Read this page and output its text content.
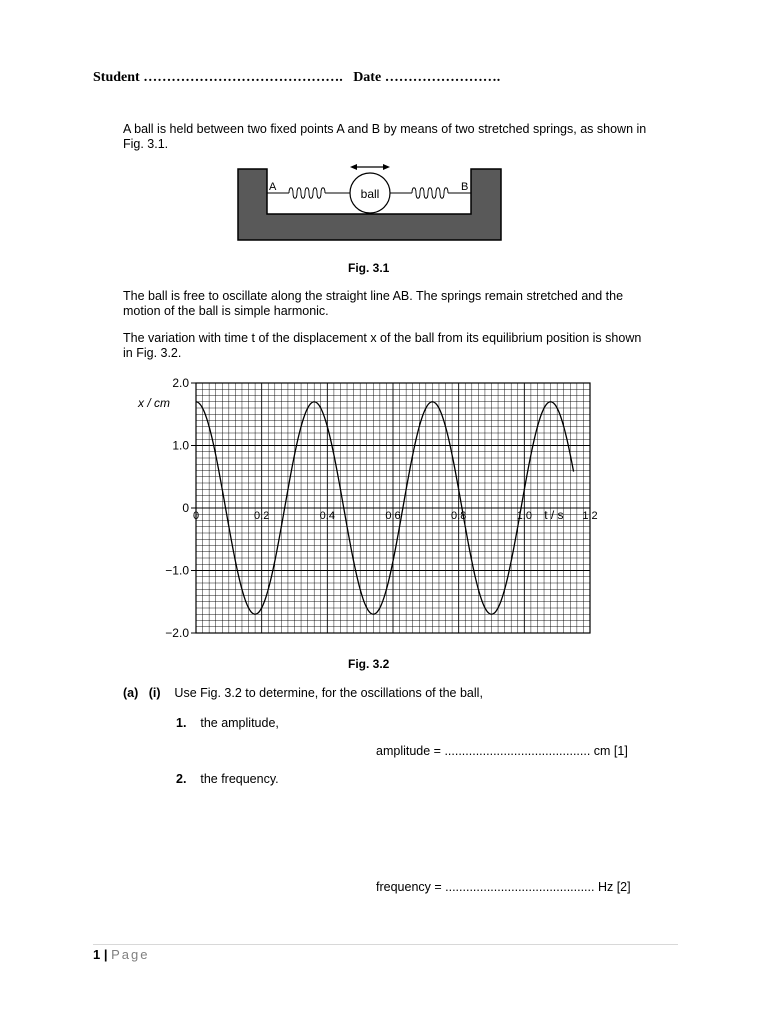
Student ……………………………………. Date …………………….
A ball is held between two fixed points A and B by means of two stretched springs, as shown in Fig. 3.1.
ball
A	B
Fig. 3.1
The ball is free to oscillate along the straight line AB. The springs remain stretched and the motion of the ball is simple harmonic.
The variation with time t of the displacement x of the ball from its equilibrium position is shown in Fig. 3.2.
2.0
1.0
0
−1.0
−2.0
0	0.2	0.4	0.6	0.8	1.0	1.2
x / cm
t / s
Fig. 3.2
(a) (i) Use Fig. 3.2 to determine, for the oscillations of the ball,
1. the amplitude,
amplitude = .......................................... cm [1]
2. the frequency.
frequency = ........................................... Hz [2]
1 | Page
